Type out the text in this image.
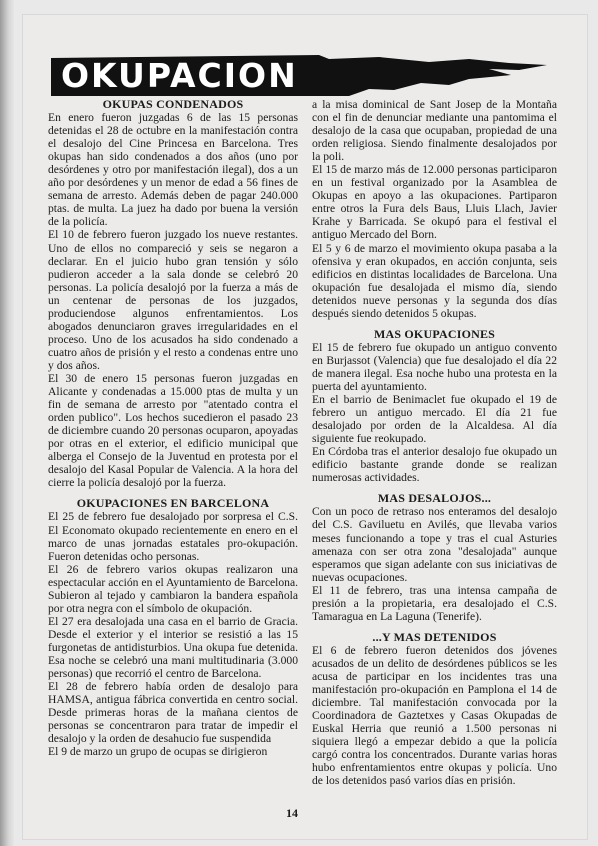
OKUPACION
OKUPAS CONDENADOS

En enero fueron juzgadas 6 de las 15 personas detenidas el 28 de octubre en la manifestación contra el desalojo del Cine Princesa en Barcelona. Tres okupas han sido condenados a dos años (uno por desórdenes y otro por manifestación ilegal), dos a un año por desórdenes y un menor de edad a 56 fines de semana de arresto. Además deben de pagar 240.000 ptas. de multa. La juez ha dado por buena la versión de la policía.

El 10 de febrero fueron juzgado los nueve restantes. Uno de ellos no compareció y seis se negaron a declarar. En el juicio hubo gran tensión y sólo pudieron acceder a la sala donde se celebró 20 personas. La policía desalojó por la fuerza a más de un centenar de personas de los juzgados, produciendose algunos enfrentamientos. Los abogados denunciaron graves irregularidades en el proceso. Uno de los acusados ha sido condenado a cuatro años de prisión y el resto a condenas entre uno y dos años.

El 30 de enero 15 personas fueron juzgadas en Alicante y condenadas a 15.000 ptas de multa y un fin de semana de arresto por "atentado contra el orden publico". Los hechos sucedieron el pasado 23 de diciembre cuando 20 personas ocuparon, apoyadas por otras en el exterior, el edificio municipal que alberga el Consejo de la Juventud en protesta por el desalojo del Kasal Popular de Valencia. A la hora del cierre la policía desalojó por la fuerza.

OKUPACIONES EN BARCELONA

El 25 de febrero fue desalojado por sorpresa el C.S. El Economato okupado recientemente en enero en el marco de unas jornadas estatales pro-okupación. Fueron detenidas ocho personas.

El 26 de febrero varios okupas realizaron una espectacular acción en el Ayuntamiento de Barcelona. Subieron al tejado y cambiaron la bandera española por otra negra con el símbolo de okupación.

El 27 era desalojada una casa en el barrio de Gracia. Desde el exterior y el interior se resistió a las 15 furgonetas de antidisturbios. Una okupa fue detenida. Esa noche se celebró una mani multitudinaria (3.000 personas) que recorrió el centro de Barcelona.

El 28 de febrero había orden de desalojo para HAMSA, antigua fábrica convertida en centro social. Desde primeras horas de la mañana cientos de personas se concentraron para tratar de impedir el desalojo y la orden de desahucio fue suspendida

El 9 de marzo un grupo de ocupas se dirigieron

a la misa dominical de Sant Josep de la Montaña con el fin de denunciar mediante una pantomima el desalojo de la casa que ocupaban, propiedad de una orden religiosa. Siendo finalmente desalojados por la poli.

El 15 de marzo más de 12.000 personas participaron en un festival organizado por la Asamblea de Okupas en apoyo a las okupaciones. Partiparon entre otros la Fura dels Baus, Lluis Llach, Javier Krahe y Barricada. Se okupó para el festival el antiguo Mercado del Born.

El 5 y 6 de marzo el movimiento okupa pasaba a la ofensiva y eran okupados, en acción conjunta, seis edificios en distintas localidades de Barcelona. Una okupación fue desalojada el mismo día, siendo detenidos nueve personas y la segunda dos días después siendo detenidos 5 okupas.

MAS OKUPACIONES

El 15 de febrero fue okupado un antiguo convento en Burjassot (Valencia) que fue desalojado el día 22 de manera ilegal. Esa noche hubo una protesta en la puerta del ayuntamiento.

En el barrio de Benimaclet fue okupado el 19 de febrero un antiguo mercado. El día 21 fue desalojado por orden de la Alcaldesa. Al día siguiente fue reokupado.

En Córdoba tras el anterior desalojo fue okupado un edificio bastante grande donde se realizan numerosas actividades.

MAS DESALOJOS...

Con un poco de retraso nos enteramos del desalojo del C.S. Gaviluetu en Avilés, que llevaba varios meses funcionando a tope y tras el cual Asturies amenaza con ser otra zona "desalojada" aunque esperamos que sigan adelante con sus iniciativas de nuevas ocupaciones.

El 11 de febrero, tras una intensa campaña de presión a la propietaria, era desalojado el C.S. Tamaragua en La Laguna (Tenerife).

...Y MAS DETENIDOS

El 6 de febrero fueron detenidos dos jóvenes acusados de un delito de desórdenes públicos se les acusa de participar en los incidentes tras una manifestación pro-okupación en Pamplona el 14 de diciembre. Tal manifestación convocada por la Coordinadora de Gaztetxes y Casas Okupadas de Euskal Herria que reunió a 1.500 personas ni siquiera llegó a empezar debido a que la policía cargó contra los concentrados. Durante varias horas hubo enfrentamientos entre okupas y policía. Uno de los detenidos pasó varios días en prisión.

14
